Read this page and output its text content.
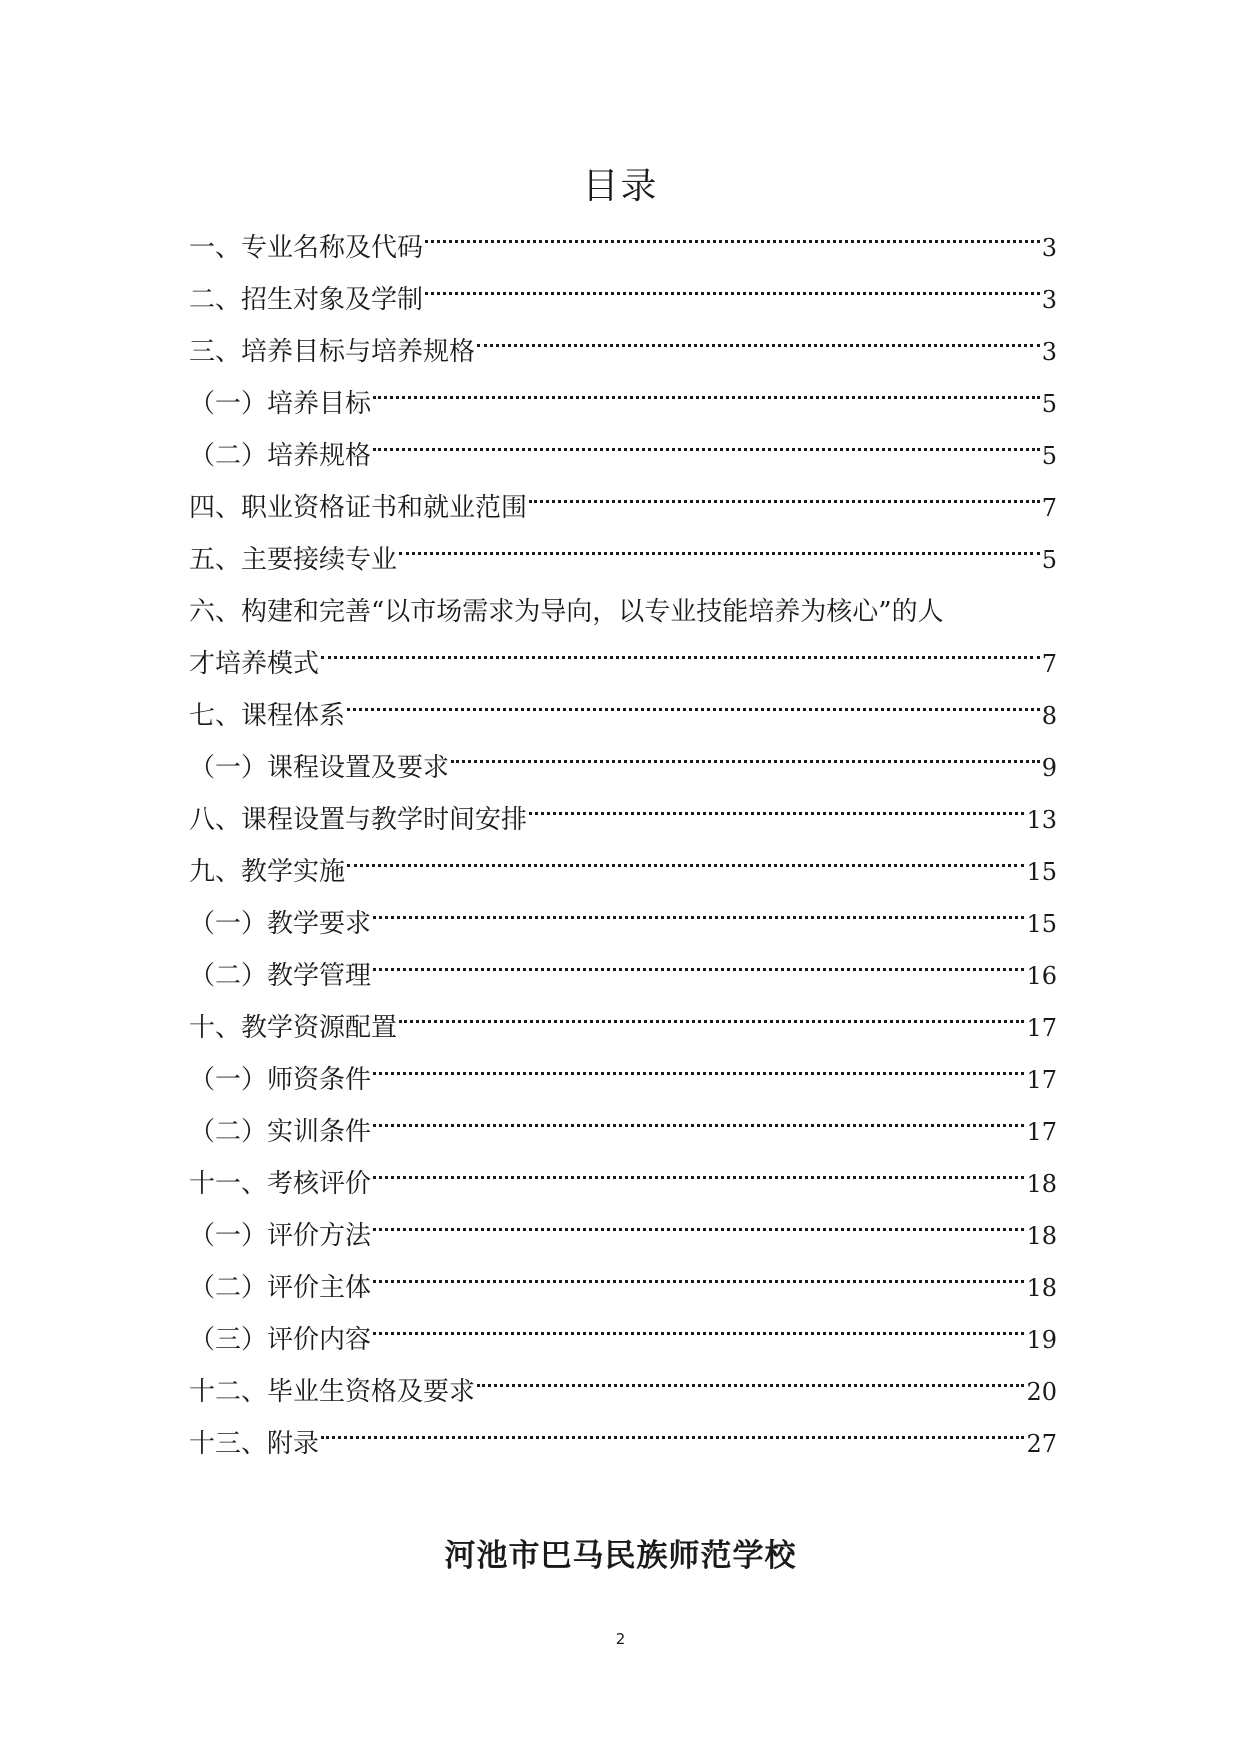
目录
一、专业名称及代码	3
二、招生对象及学制	3
三、培养目标与培养规格	3
（一）培养目标	5
（二）培养规格	5
四、职业资格证书和就业范围	7
五、主要接续专业	5
六、构建和完善“以市场需求为导向，以专业技能培养为核心”的人
才培养模式	7
七、课程体系	8
（一）课程设置及要求	9
八、课程设置与教学时间安排	13
九、教学实施	15
（一）教学要求	15
（二）教学管理	16
十、教学资源配置	17
（一）师资条件	17
（二）实训条件	17
十一、考核评价	18
（一）评价方法	18
（二）评价主体	18
（三）评价内容	19
十二、毕业生资格及要求	20
十三、附录	27
河池市巴马民族师范学校
2
